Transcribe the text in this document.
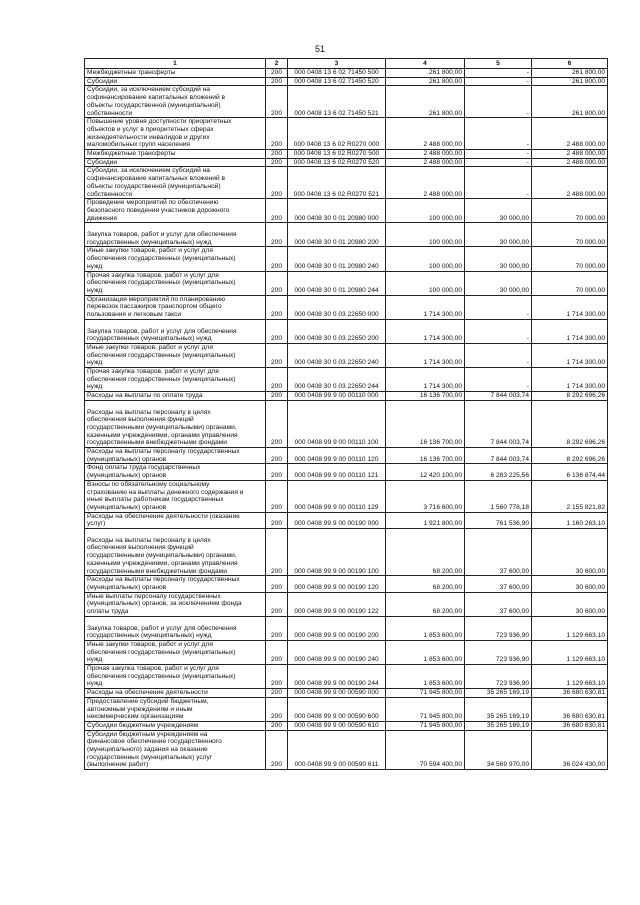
51
1	2	3	4	5	6
Межбюджетные трансферты	200	000 0408 13 6 02 71450 500	261 800,00	-	261 800,00
Субсидии	200	000 0408 13 6 02 71450 520	261 800,00	-	261 800,00
Субсидии, за исключением субсидий на
софинансирование капитальных вложений в
объекты государственной (муниципальной)
собственности	200	000 0408 13 6 02 71450 521	261 800,00	-	261 800,00
Повышение уровня доступности приоритетных
объектов и услуг в приоритетных сферах
жизнедеятельности инвалидов и других
маломобильных групп населения	200	000 0408 13 6 02 R0270 000	2 488 000,00	-	2 488 000,00
Межбюджетные трансферты	200	000 0408 13 6 02 R0270 500	2 488 000,00	-	2 488 000,00
Субсидии	200	000 0408 13 6 02 R0270 520	2 488 000,00	-	2 488 000,00
Субсидии, за исключением субсидий на
софинансирование капитальных вложений в
объекты государственной (муниципальной)
собственности	200	000 0408 13 6 02 R0270 521	2 488 000,00	-	2 488 000,00
Проведение мероприятий по обеспечению
безопасного поведения участников дорожного
движения	200	000 0408 30 0 01 20980 000	100 000,00	30 000,00	70 000,00

Закупка товаров, работ и услуг для обеспечения
государственных (муниципальных) нужд	200	000 0408 30 0 01 20980 200	100 000,00	30 000,00	70 000,00
Иные закупки товаров, работ и услуг для
обеспечения государственных (муниципальных)
нужд	200	000 0408 30 0 01 20980 240	100 000,00	30 000,00	70 000,00
Прочая закупка товаров, работ и услуг для
обеспечения государственных (муниципальных)
нужд	200	000 0408 30 0 01 20980 244	100 000,00	30 000,00	70 000,00
Организация мероприятий по планированию
перевозок пассажиров транспортом общего
пользования и легковым такси	200	000 0408 30 0 03 22650 000	1 714 300,00	-	1 714 300,00

Закупка товаров, работ и услуг для обеспечения
государственных (муниципальных) нужд	200	000 0408 30 0 03 22650 200	1 714 300,00	-	1 714 300,00
Иные закупки товаров, работ и услуг для
обеспечения государственных (муниципальных)
нужд	200	000 0408 30 0 03 22650 240	1 714 300,00	-	1 714 300,00
Прочая закупка товаров, работ и услуг для
обеспечения государственных (муниципальных)
нужд	200	000 0408 30 0 03 22650 244	1 714 300,00	-	1 714 300,00
Расходы на выплаты по оплате труда	200	000 0408 99 9 00 00110 000	16 136 700,00	7 844 003,74	8 292 696,26

Расходы на выплаты персоналу в целях
обеспечения выполнения функций
государственными (муниципальными) органами,
казенными учреждениями, органами управления
государственными внебюджетными фондами	200	000 0408 99 9 00 00110 100	16 136 700,00	7 844 003,74	8 292 696,26
Расходы на выплаты персоналу государственных
(муниципальных) органов	200	000 0408 99 9 00 00110 120	16 136 700,00	7 844 003,74	8 292 696,26
Фонд оплаты труда государственных
(муниципальных) органов	200	000 0408 99 9 00 00110 121	12 420 100,00	6 283 225,56	6 136 874,44
Взносы по обязательному социальному
страхованию на выплаты денежного содержания и
иные выплаты работникам государственных
(муниципальных) органов	200	000 0408 99 9 00 00110 129	3 716 600,00	1 560 778,18	2 155 821,82
Расходы на обеспечение деятельности (оказание
услуг)	200	000 0408 99 9 00 00190 000	1 921 800,00	761 536,90	1 160 263,10

Расходы на выплаты персоналу в целях
обеспечения выполнения функций
государственными (муниципальными) органами,
казенными учреждениями, органами управления
государственными внебюджетными фондами	200	000 0408 99 9 00 00190 100	68 200,00	37 600,00	30 600,00
Расходы на выплаты персоналу государственных
(муниципальных) органов	200	000 0408 99 9 00 00190 120	68 200,00	37 600,00	30 600,00
Иные выплаты персоналу государственных
(муниципальных) органов, за исключением фонда
оплаты труда	200	000 0408 99 9 00 00190 122	68 200,00	37 600,00	30 600,00

Закупка товаров, работ и услуг для обеспечения
государственных (муниципальных) нужд	200	000 0408 99 9 00 00190 200	1 853 600,00	723 936,90	1 129 663,10
Иные закупки товаров, работ и услуг для
обеспечения государственных (муниципальных)
нужд	200	000 0408 99 9 00 00190 240	1 853 600,00	723 936,90	1 129 663,10
Прочая закупка товаров, работ и услуг для
обеспечения государственных (муниципальных)
нужд	200	000 0408 99 9 00 00190 244	1 853 600,00	723 936,90	1 129 663,10
Расходы на обеспечение деятельности	200	000 0408 99 9 00 00590 000	71 945 800,00	35 265 169,19	36 680 630,81
Предоставление субсидий бюджетным,
автономным учреждениям и иным
некоммерческим организациям	200	000 0408 99 9 00 00590 600	71 945 800,00	35 265 169,19	36 680 630,81
Субсидии бюджетным учреждениям	200	000 0408 99 9 00 00590 610	71 945 800,00	35 265 169,19	36 680 630,81
Субсидии бюджетным учреждениям на
финансовое обеспечение государственного
(муниципального) задания на оказание
государственных (муниципальных) услуг
(выполнение работ)	200	000 0408 99 9 00 00590 611	70 594 400,00	34 569 970,00	36 024 430,00
